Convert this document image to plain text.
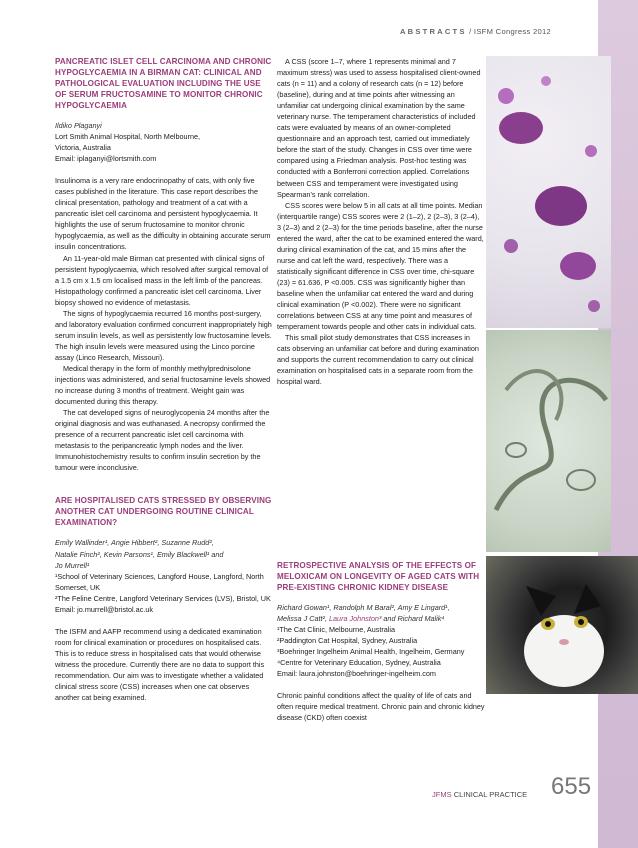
ABSTRACTS / ISFM Congress 2012
PANCREATIC ISLET CELL CARCINOMA AND CHRONIC HYPOGLYCAEMIA IN A BIRMAN CAT: CLINICAL AND PATHOLOGICAL EVALUATION INCLUDING THE USE OF SERUM FRUCTOSAMINE TO MONITOR CHRONIC HYPOGLYCAEMIA

Ildiko Plaganyi

Lort Smith Animal Hospital, North Melbourne,

Victoria, Australia

Email: iplaganyi@lortsmith.com

Insulinoma is a very rare endocrinopathy of cats, with only five cases published in the literature. This case report describes the clinical presentation, pathology and treatment of a cat with a pancreatic islet cell carcinoma and persistent hypoglycaemia. It highlights the use of serum fructosamine to monitor chronic hypoglycaemia, as well as the difficulty in obtaining accurate serum insulin concentrations.

An 11-year-old male Birman cat presented with clinical signs of persistent hypoglycaemia, which resolved after surgical removal of a 1.5 cm x 1.5 cm localised mass in the left limb of the pancreas. Histopathology confirmed a pancreatic islet cell carcinoma. Liver biopsy showed no evidence of metastasis.

The signs of hypoglycaemia recurred 16 months post-surgery, and laboratory evaluation confirmed concurrent inappropriately high serum insulin levels, as well as persistently low fructosamine levels. The high insulin levels were measured using the Linco porcine assay (Linco Research, Missouri).

Medical therapy in the form of monthly methylprednisolone injections was administered, and serial fructosamine levels showed no increase during 3 months of treatment. Weight gain was documented during this therapy.

The cat developed signs of neuroglycopenia 24 months after the original diagnosis and was euthanased. A necropsy confirmed the presence of a recurrent pancreatic islet cell carcinoma with metastasis to the peripancreatic lymph nodes and the liver. Immunohistochemistry results to confirm insulin secretion by the tumour were inconclusive.

ARE HOSPITALISED CATS STRESSED BY OBSERVING ANOTHER CAT UNDERGOING ROUTINE CLINICAL EXAMINATION?

Emily Wallinder¹, Angie Hibbert², Suzanne Rudd²,

Natalie Finch², Kevin Parsons¹, Emily Blackwell¹ and

Jo Murrell¹

¹School of Veterinary Sciences, Langford House, Langford, North Somerset, UK

²The Feline Centre, Langford Veterinary Services (LVS), Bristol, UK

Email: jo.murrell@bristol.ac.uk

The ISFM and AAFP recommend using a dedicated examination room for clinical examination or procedures on hospitalised cats. This is to reduce stress in hospitalised cats that would otherwise witness the procedure. Currently there are no data to support this recommendation. Our aim was to investigate whether a validated clinical stress score (CSS) increases when one cat observes another cat being examined.

A CSS (score 1–7, where 1 represents minimal and 7 maximum stress) was used to assess hospitalised client-owned cats (n = 11) and a colony of research cats (n = 12) before (baseline), during and at time points after witnessing an unfamiliar cat undergoing clinical examination by the same veterinary nurse. The temperament characteristics of included cats were evaluated by means of an owner-completed questionnaire and an approach test, carried out immediately before the start of the study. Changes in CSS over time were compared using a Friedman analysis. Post-hoc testing was conducted with a Bonferroni correction applied. Correlations between CSS and temperament were investigated using Spearman's rank correlation.

CSS scores were below 5 in all cats at all time points. Median (interquartile range) CSS scores were 2 (1–2), 2 (2–3), 3 (2–4), 3 (2–3) and 2 (2–3) for the time periods baseline, after the nurse entered the ward, after the cat to be examined entered the ward, during clinical examination of the cat, and 15 mins after the nurse and cat left the ward, respectively. There was a statistically significant difference in CSS over time, chi-square (23) = 61.636, P <0.005. CSS was significantly higher than baseline when the unfamiliar cat entered the ward and during clinical examination (P <0.002). There were no significant correlations between CSS at any time point and measures of temperament towards people and other cats in individual cats.

This small pilot study demonstrates that CSS increases in cats observing an unfamiliar cat before and during examination and supports the current recommendation to carry out clinical examination on hospitalised cats in a separate room from the hospital ward.

RETROSPECTIVE ANALYSIS OF THE EFFECTS OF MELOXICAM ON LONGEVITY OF AGED CATS WITH PRE-EXISTING CHRONIC KIDNEY DISEASE

Richard Gowan¹, Randolph M Baral², Amy E Lingard¹,

Melissa J Catt², Laura Johnston³ and Richard Malik⁴

¹The Cat Clinic, Melbourne, Australia

²Paddington Cat Hospital, Sydney, Australia

³Boehringer Ingelheim Animal Health, Ingelheim, Germany

⁴Centre for Veterinary Education, Sydney, Australia

Email: laura.johnston@boehringer-ingelheim.com

Chronic painful conditions affect the quality of life of cats and often require medical treatment. Chronic pain and chronic kidney disease (CKD) often coexist

JFMS CLINICAL PRACTICE 655
